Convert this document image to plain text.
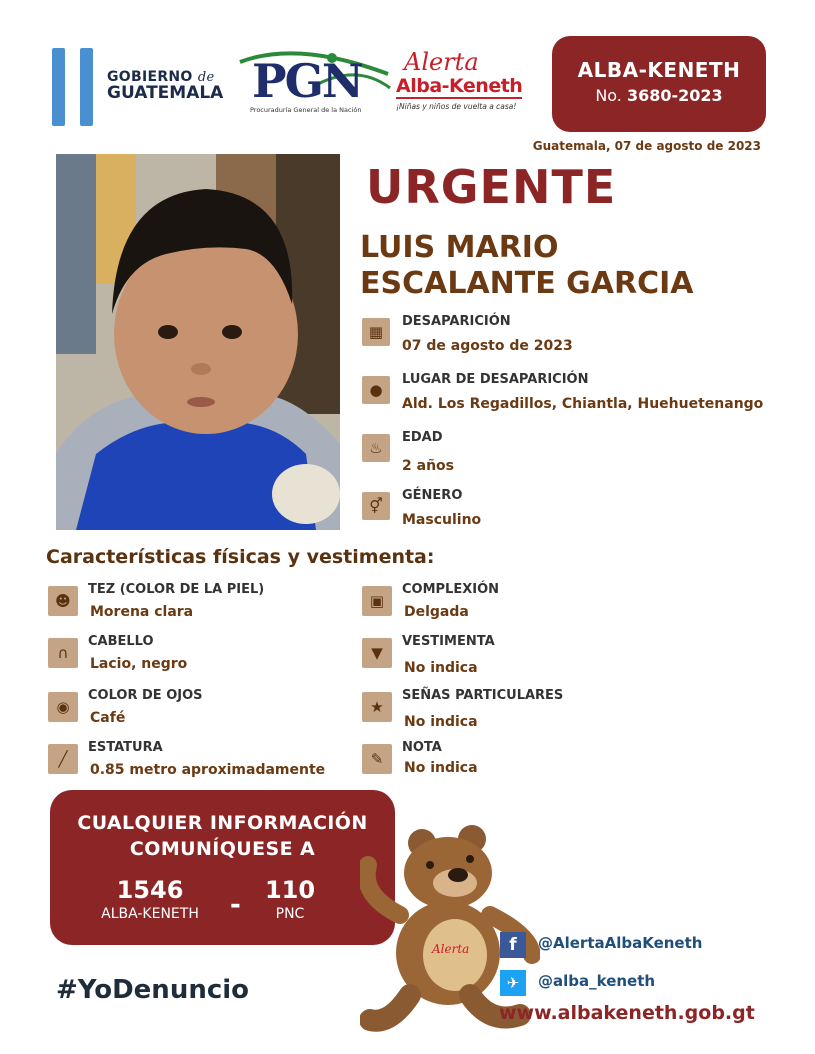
GOBIERNO de
GUATEMALA PGN
Procuraduría General de la Nación
Alerta
Alba-Keneth
¡Niñas y niños de vuelta a casa!
ALBA-KENETH
No. 3680-2023
Guatemala, 07 de agosto de 2023
URGENTE
LUIS MARIO
ESCALANTE GARCIA
▦
DESAPARICIÓN
07 de agosto de 2023
●
LUGAR DE DESAPARICIÓN
Ald. Los Regadillos, Chiantla, Huehuetenango
♨
EDAD
2 años
⚥
GÉNERO
Masculino
Características físicas y vestimenta:
☻
TEZ (COLOR DE LA PIEL)
Morena clara
∩
CABELLO
Lacio, negro
◉
COLOR DE OJOS
Café
╱
ESTATURA
0.85 metro aproximadamente
▣
COMPLEXIÓN
Delgada
▼
VESTIMENTA
No indica
★
SEÑAS PARTICULARES
No indica
✎
NOTA
No indica
CUALQUIER INFORMACIÓN
COMUNÍQUESE A
1546
ALBA-KENETH	- 110
PNC
#YoDenuncio
Alerta	f	@AlertaAlbaKeneth
✈	@alba_keneth
www.albakeneth.gob.gt
